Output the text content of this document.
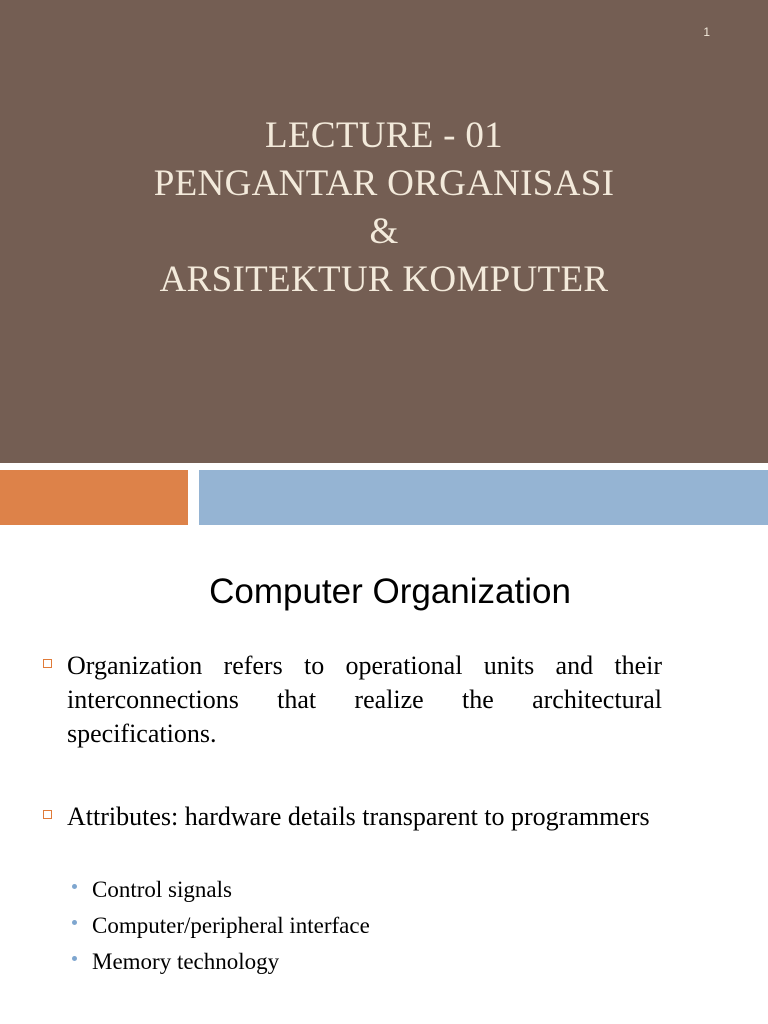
1
LECTURE - 01
PENGANTAR ORGANISASI
&
ARSITEKTUR KOMPUTER
Computer Organization
Organization refers to operational units and their interconnections that realize the architectural specifications.
Attributes: hardware details transparent to programmers
Control signals
Computer/peripheral interface
Memory technology
